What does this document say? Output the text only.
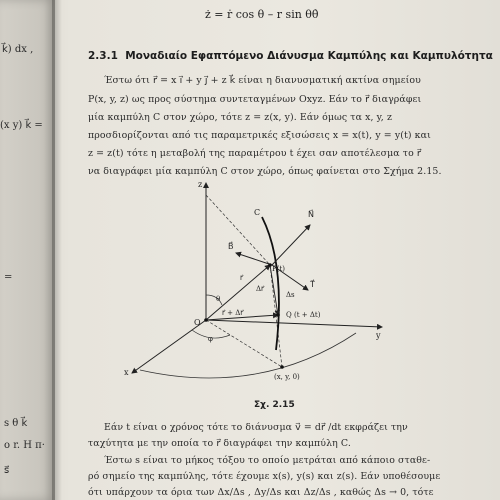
k⃗) dx ,
(x y) k⃗ =
=
s θ k⃗
o r. H π·
s⃗
ż = ṙ cos θ – r sin θθ̇
2.3.1 Μοναδιαίο Εφαπτόμενο Διάνυσμα Καμπύλης και Καμπυλότητα
Έστω ότι r⃗ = x i⃗ + y j⃗ + z k⃗ είναι η διανυσματική ακτίνα σημείου
P(x, y, z) ως προς σύστημα συντεταγμένων Οxyz. Εάν το r⃗ διαγράφει
μία καμπύλη C στον χώρο, τότε z = z(x, y). Εάν όμως τα x, y, z
προσδιορίζονται από τις παραμετρικές εξισώσεις x = x(t), y = y(t) και
z = z(t) τότε η μεταβολή της παραμέτρου t έχει σαν αποτέλεσμα το r⃗
να διαγράφει μία καμπύλη C στον χώρο, όπως φαίνεται στο Σχήμα 2.15.
z
y
x
O
C	N⃗
B⃗
T⃗
r⃗
P(t)
Q (t + Δt)
Δr⃗
Δs
r⃗ + Δr⃗
θ
φ
(x, y, 0)
Σχ. 2.15
Εάν t είναι ο χρόνος τότε το διάνυσμα v⃗ = dr⃗ /dt εκφράζει την
ταχύτητα με την οποία το r⃗ διαγράφει την καμπύλη C.
Έστω s είναι το μήκος τόξου το οποίο μετράται από κάποιο σταθε-
ρό σημείο της καμπύλης, τότε έχουμε x(s), y(s) και z(s). Εάν υποθέσουμε
ότι υπάρχουν τα όρια των Δx/Δs , Δy/Δs και Δz/Δs , καθώς Δs → 0, τότε
